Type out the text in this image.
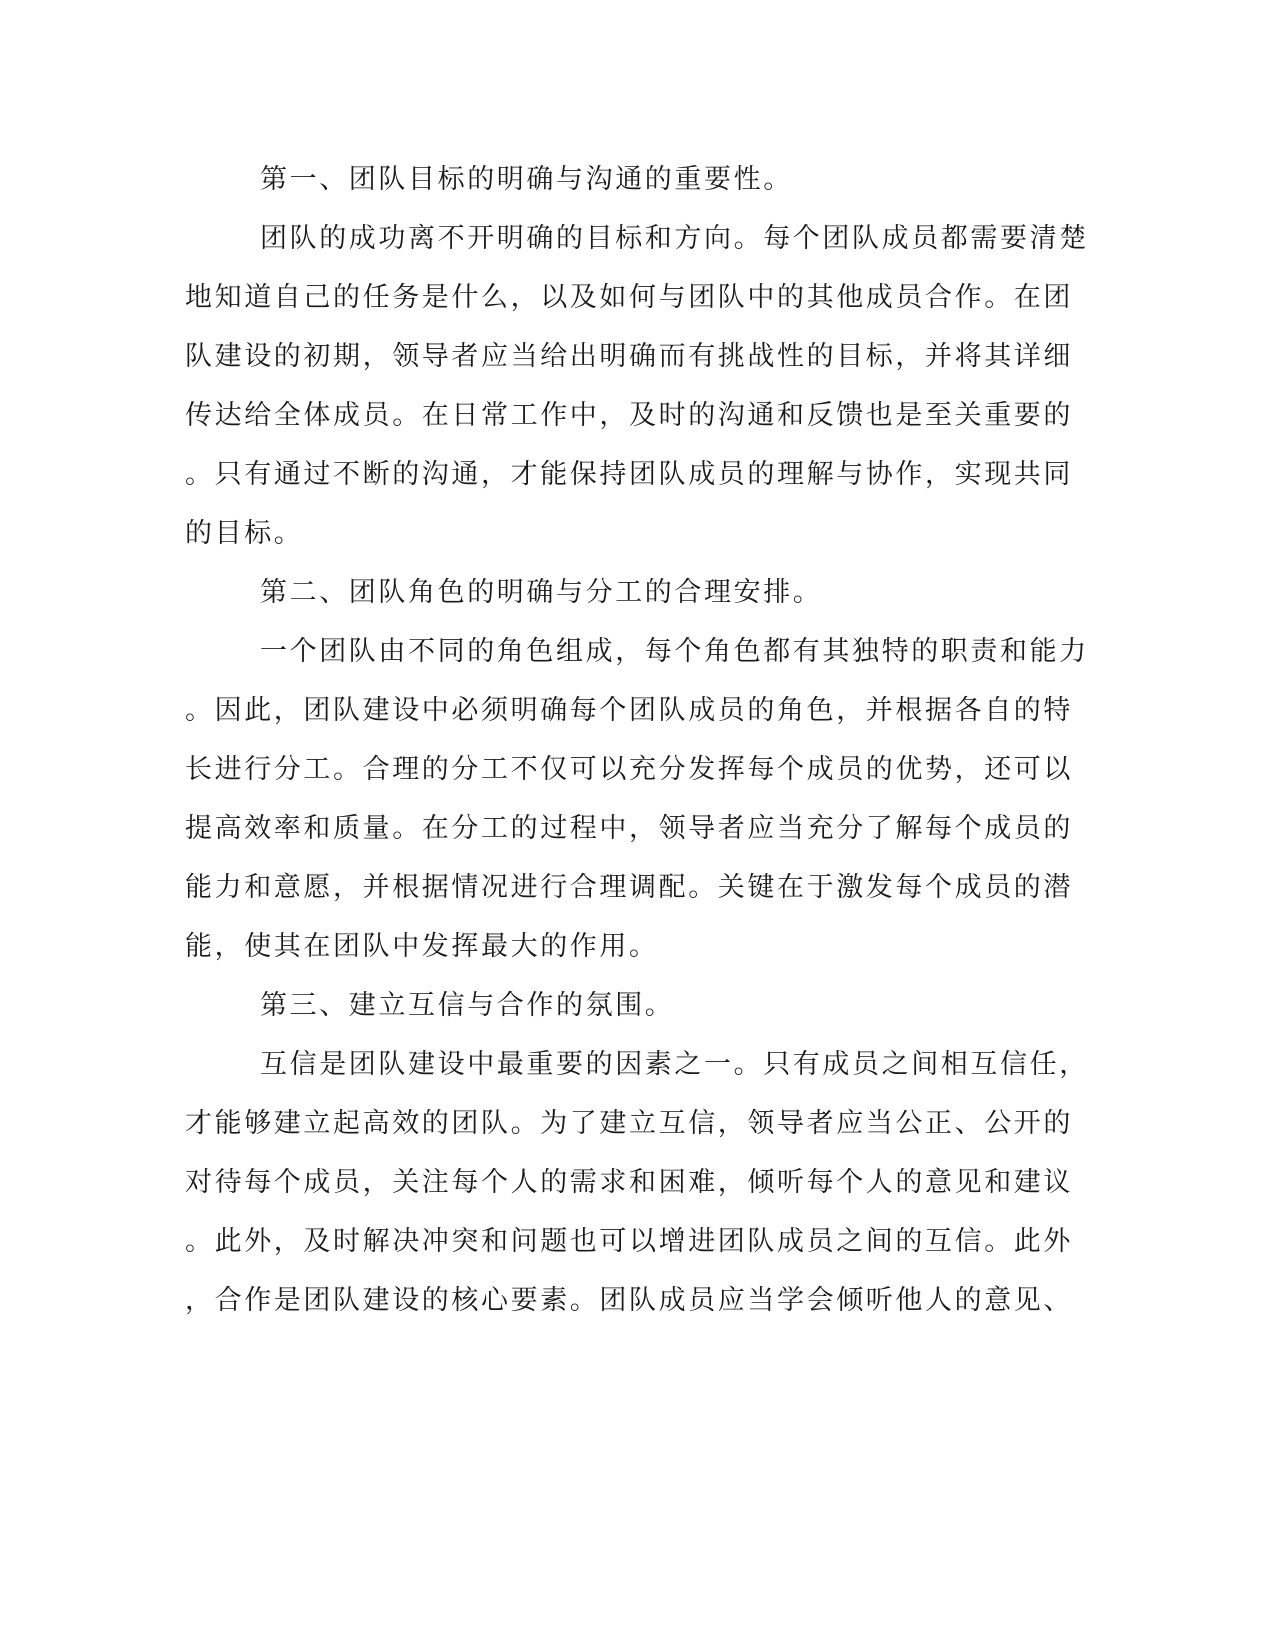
第一、团队目标的明确与沟通的重要性。
团队的成功离不开明确的目标和方向。每个团队成员都需要清楚
地知道自己的任务是什么，以及如何与团队中的其他成员合作。在团
队建设的初期，领导者应当给出明确而有挑战性的目标，并将其详细
传达给全体成员。在日常工作中，及时的沟通和反馈也是至关重要的
。只有通过不断的沟通，才能保持团队成员的理解与协作，实现共同
的目标。
第二、团队角色的明确与分工的合理安排。
一个团队由不同的角色组成，每个角色都有其独特的职责和能力
。因此，团队建设中必须明确每个团队成员的角色，并根据各自的特
长进行分工。合理的分工不仅可以充分发挥每个成员的优势，还可以
提高效率和质量。在分工的过程中，领导者应当充分了解每个成员的
能力和意愿，并根据情况进行合理调配。关键在于激发每个成员的潜
能，使其在团队中发挥最大的作用。
第三、建立互信与合作的氛围。
互信是团队建设中最重要的因素之一。只有成员之间相互信任，
才能够建立起高效的团队。为了建立互信，领导者应当公正、公开的
对待每个成员，关注每个人的需求和困难，倾听每个人的意见和建议
。此外，及时解决冲突和问题也可以增进团队成员之间的互信。此外
，合作是团队建设的核心要素。团队成员应当学会倾听他人的意见、
